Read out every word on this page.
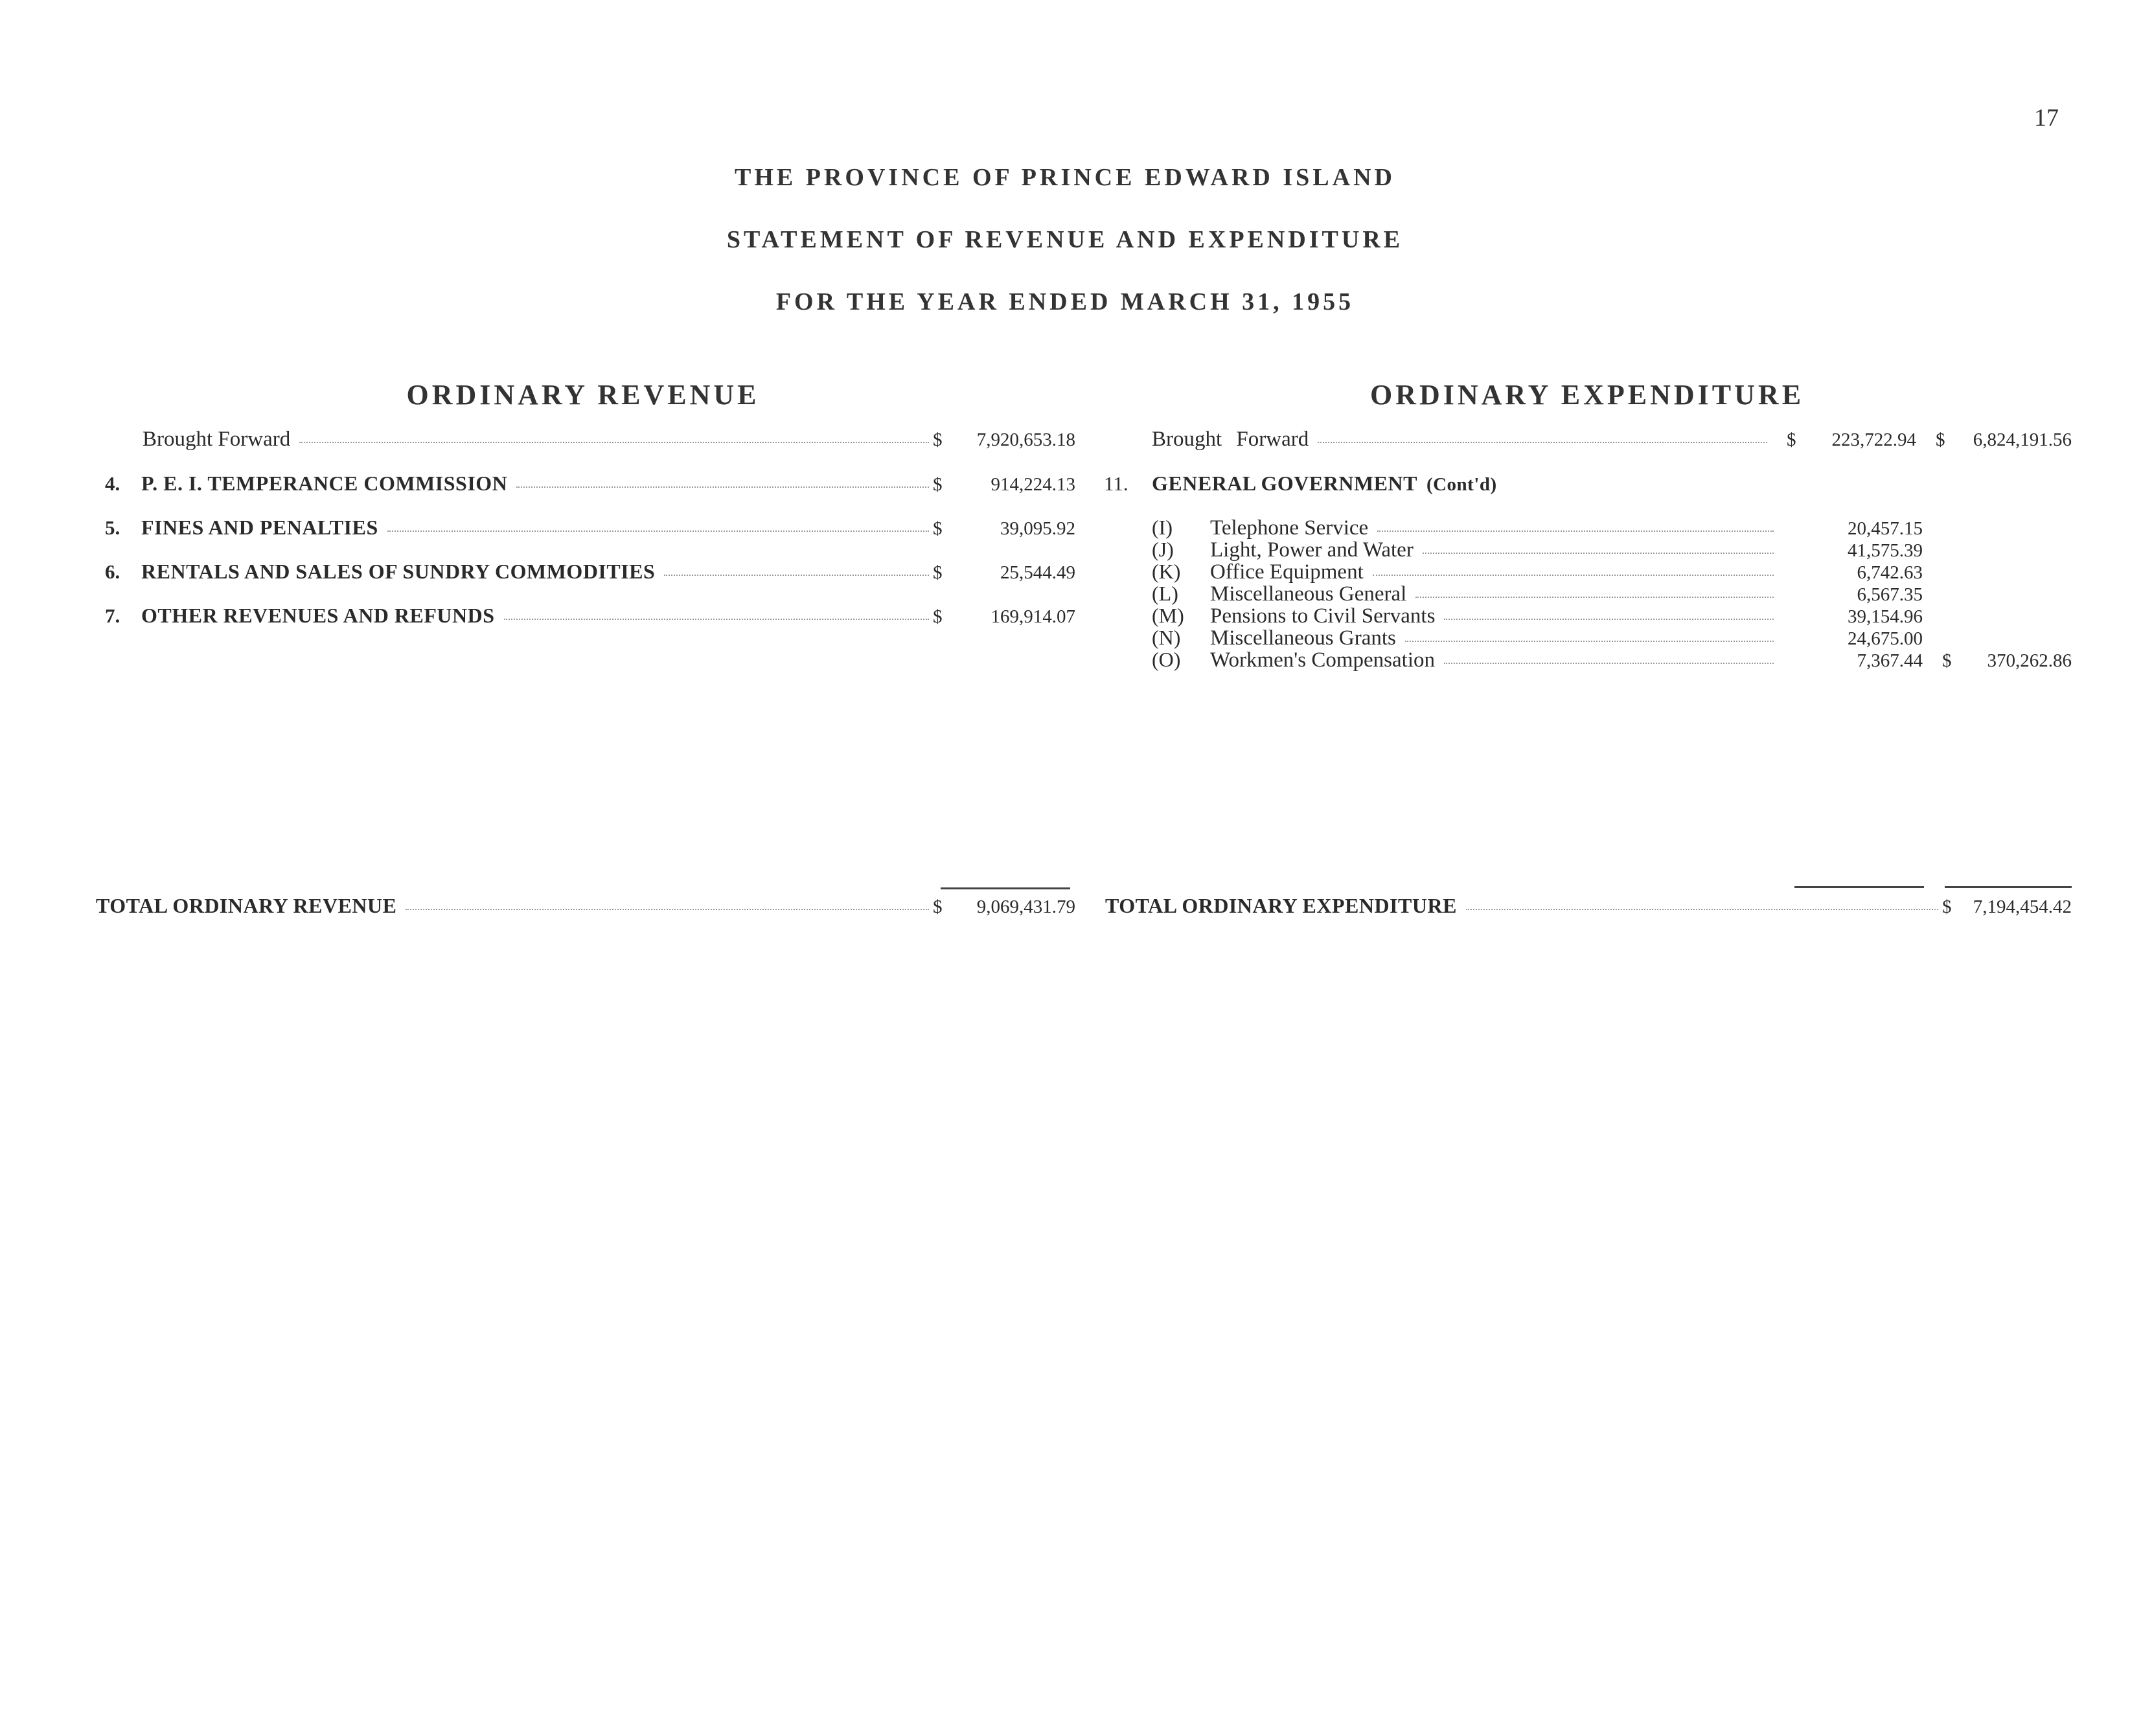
17
THE PROVINCE OF PRINCE EDWARD ISLAND
STATEMENT OF REVENUE AND EXPENDITURE
FOR THE YEAR ENDED MARCH 31, 1955
ORDINARY REVENUE	ORDINARY EXPENDITURE
Brought Forward	$	7,920,653.18
4.	P. E. I. TEMPERANCE COMMISSION	$	914,224.13
5.	FINES AND PENALTIES	$	39,095.92
6.	RENTALS AND SALES OF SUNDRY COMMODITIES	$	25,544.49
7.	OTHER REVENUES AND REFUNDS	$	169,914.07
TOTAL ORDINARY REVENUE	$	9,069,431.79
Brought Forward	$	223,722.94 $	6,824,191.56
11.	GENERAL GOVERNMENT (Cont'd)
(I)	Telephone Service	20,457.15
(J)	Light, Power and Water	41,575.39
(K)	Office Equipment	6,742.63
(L)	Miscellaneous General	6,567.35
(M)	Pensions to Civil Servants	39,154.96
(N)	Miscellaneous Grants	24,675.00
(O)	Workmen's Compensation	7,367.44 $	370,262.86
TOTAL ORDINARY EXPENDITURE	$	7,194,454.42
